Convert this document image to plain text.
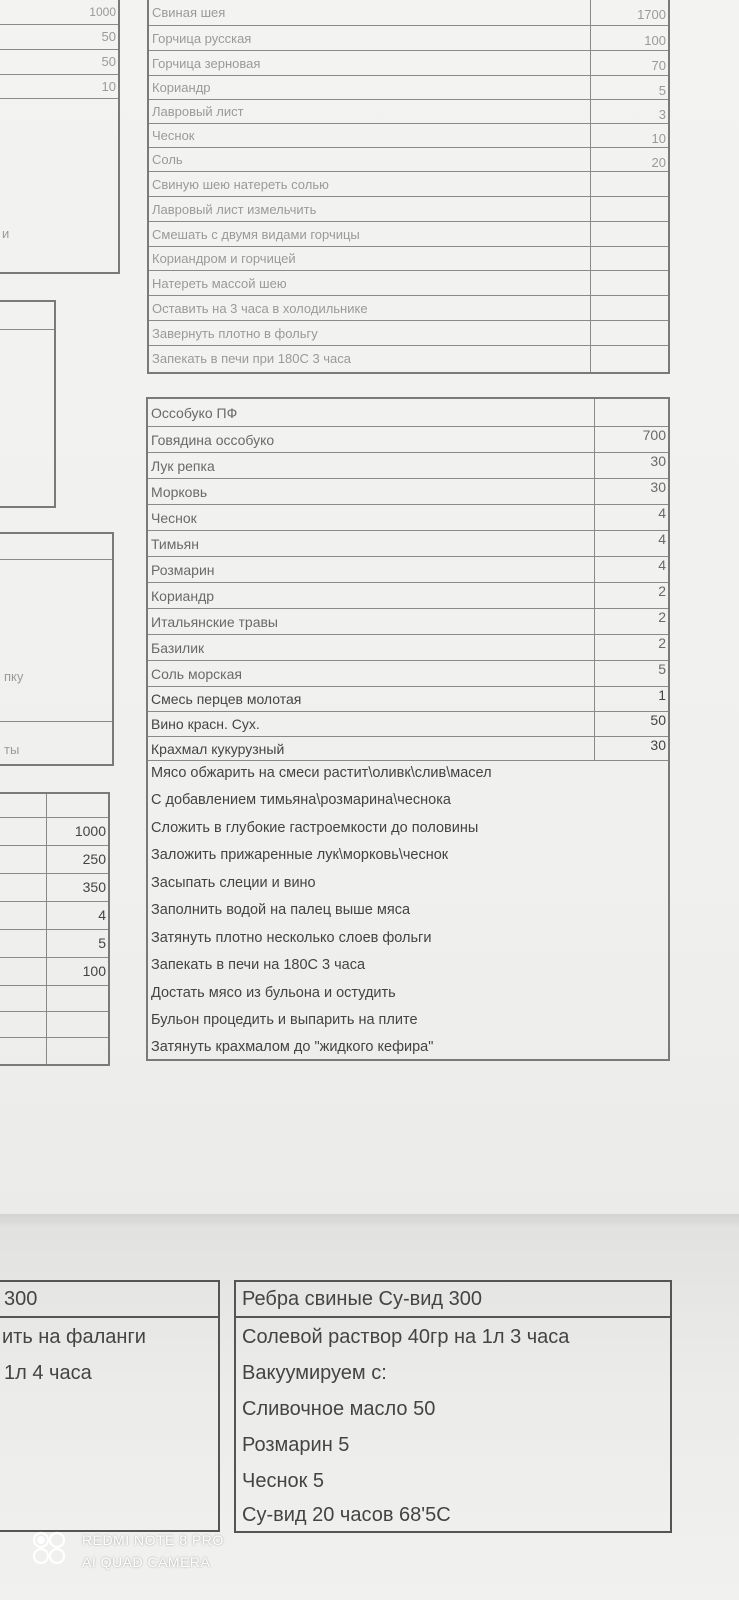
1000
50
50
10
и
пку
ты
1000
250
350
4
5
100
Свиная шея	1700
Горчица русская	100
Горчица зерновая	70
Кориандр	5
Лавровый лист	3
Чеснок	10
Соль	20
Свиную шею натереть солью
Лавровый лист измельчить
Смешать с двумя видами горчицы
Кориандром и горчицей
Натереть массой шею
Оставить на 3 часа в холодильнике
Завернуть плотно в фольгу
Запекать в печи при 180С 3 часа
Оссобуко ПФ
Говядина оссобуко	700
Лук репка	30
Морковь	30
Чеснок	4
Тимьян	4
Розмарин	4
Кориандр	2
Итальянские травы	2
Базилик	2
Соль морская	5
Смесь перцев молотая	1
Вино красн. Сух.	50
Крахмал кукурузный	30
Мясо обжарить на смеси растит\оливк\слив\масел
С добавлением тимьяна\розмарина\чеснока
Сложить в глубокие гастроемкости до половины
Заложить прижаренные лук\морковь\чеснок
Засыпать слеции и вино
Заполнить водой на палец выше мяса
Затянуть плотно несколько слоев фольги
Запекать в печи на 180С 3 часа
Достать мясо из бульона и остудить
Бульон процедить и выпарить на плите
Затянуть крахмалом до "жидкого кефира"
300
ить на фаланги
1л 4 часа
Ребра свиные Су-вид 300
Солевой раствор 40гр на 1л 3 часа
Вакуумируем с:
Сливочное масло 50
Розмарин 5
Чеснок 5
Су-вид 20 часов 68'5С
REDMI NOTE 8 PRO
AI QUAD CAMERA
